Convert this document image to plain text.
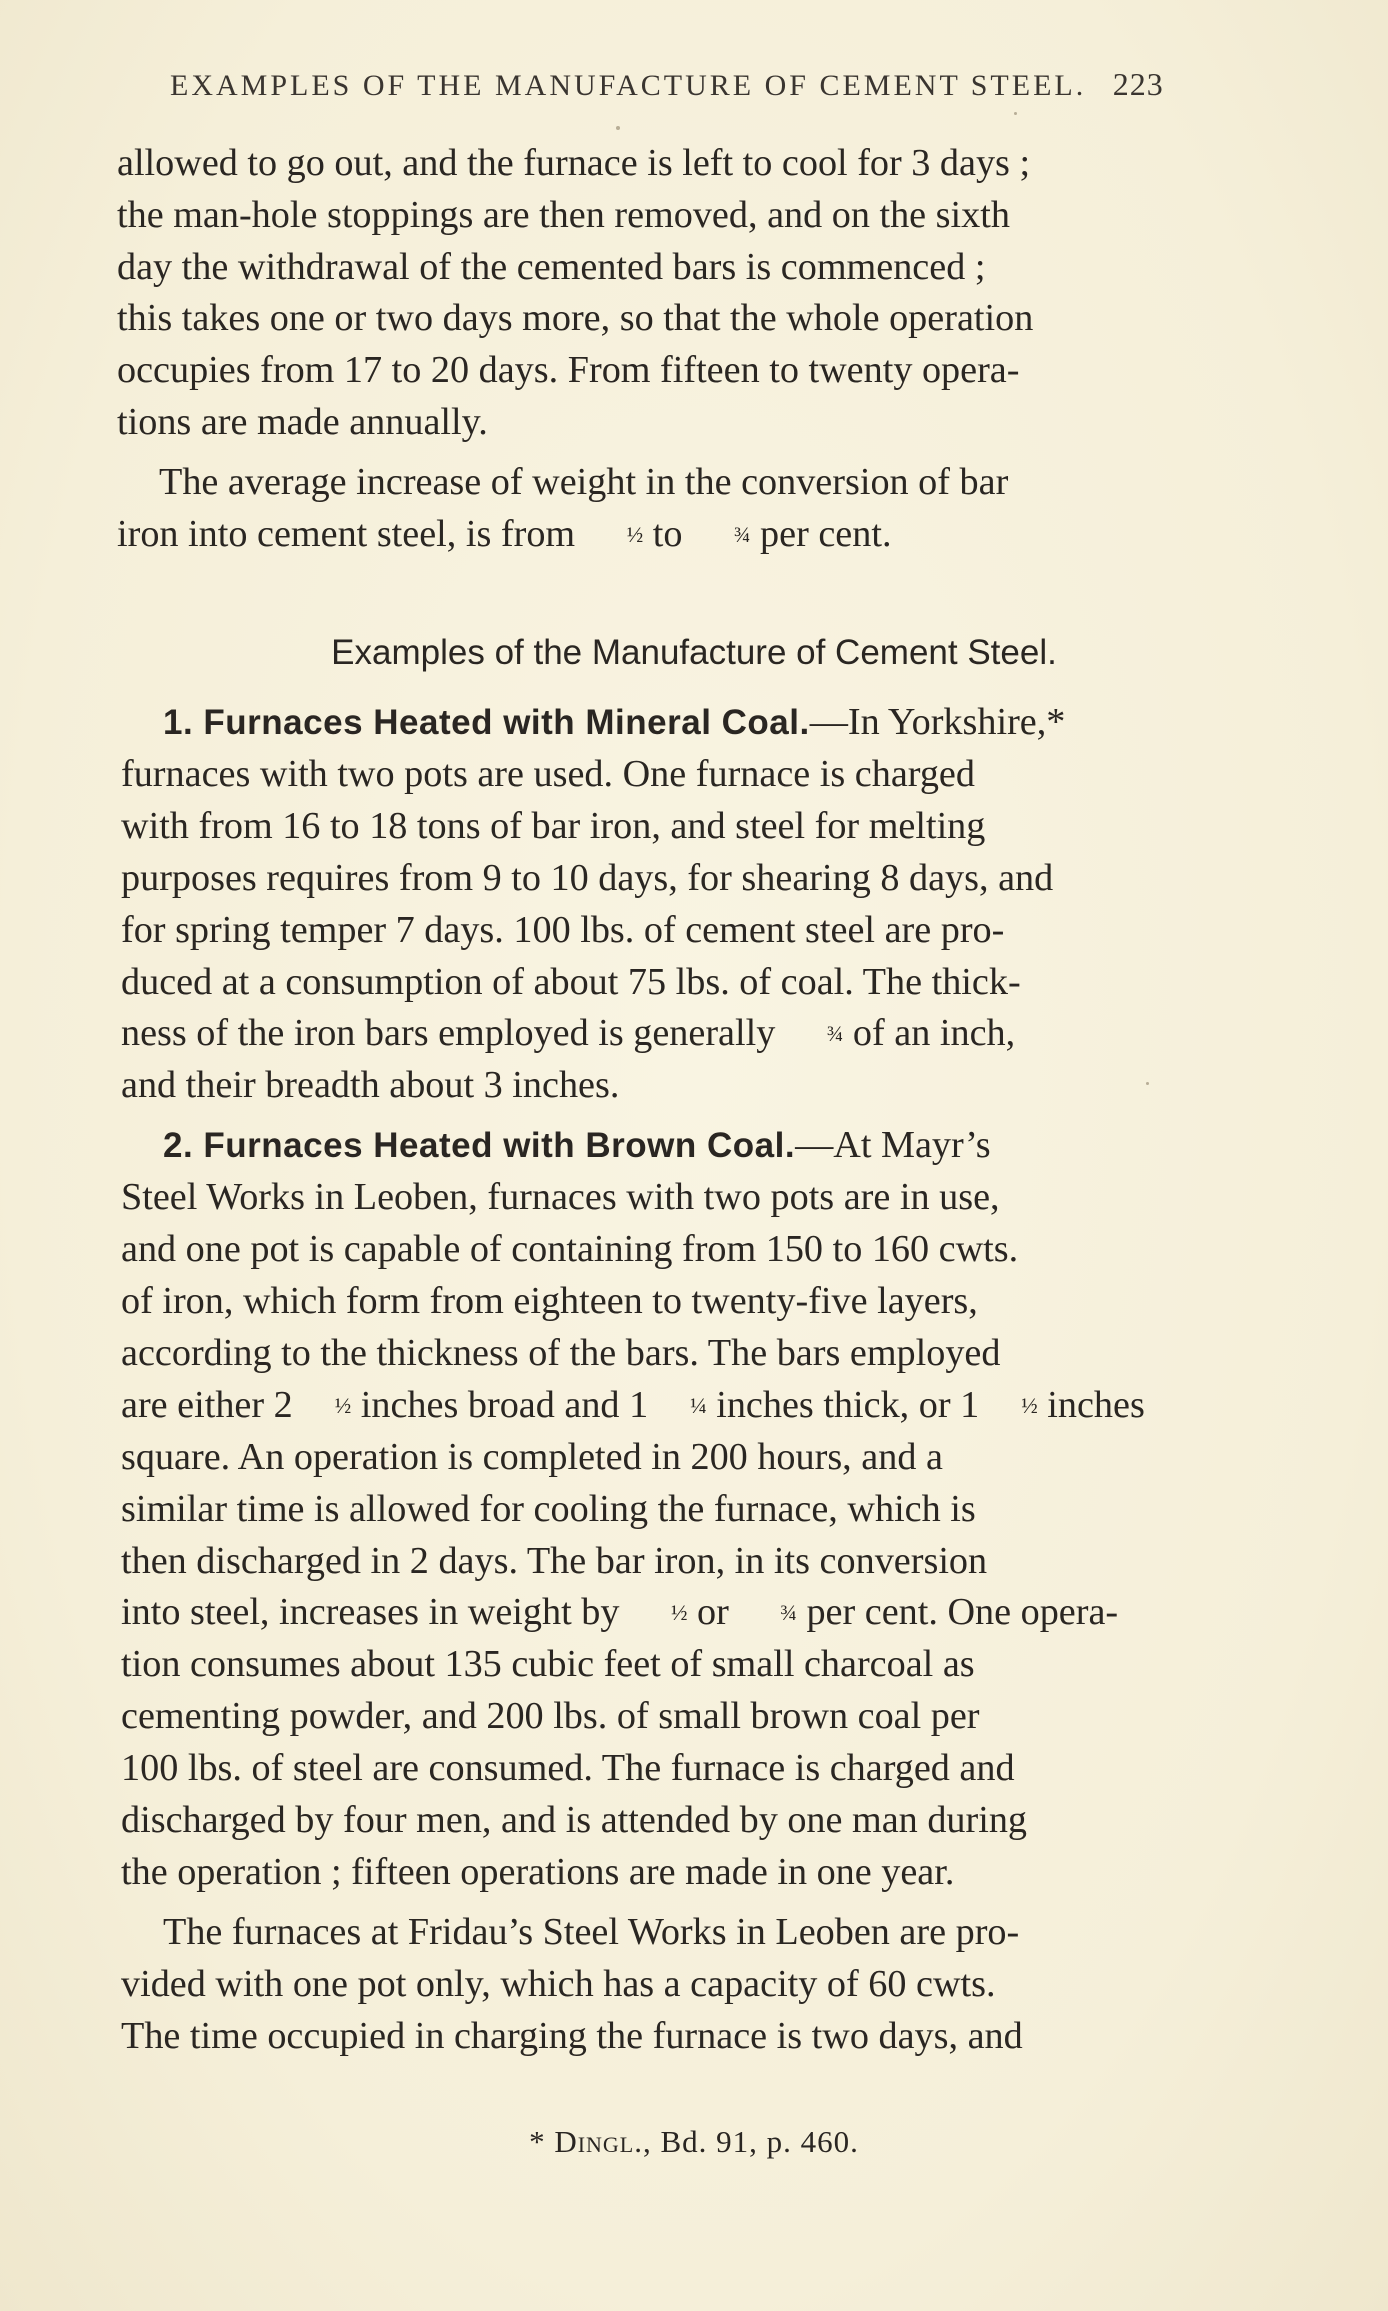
EXAMPLES OF THE MANUFACTURE OF CEMENT STEEL. 223

allowed to go out, and the furnace is left to cool for 3 days ;
the man-hole stoppings are then removed, and on the sixth
day the withdrawal of the cemented bars is commenced ;
this takes one or two days more, so that the whole operation
occupies from 17 to 20 days. From fifteen to twenty opera-
tions are made annually.

The average increase of weight in the conversion of bar
iron into cement steel, is from ½ to ¾ per cent.

Examples of the Manufacture of Cement Steel.

1. Furnaces Heated with Mineral Coal.—In Yorkshire,*
furnaces with two pots are used. One furnace is charged
with from 16 to 18 tons of bar iron, and steel for melting
purposes requires from 9 to 10 days, for shearing 8 days, and
for spring temper 7 days. 100 lbs. of cement steel are pro-
duced at a consumption of about 75 lbs. of coal. The thick-
ness of the iron bars employed is generally ¾ of an inch,
and their breadth about 3 inches.

2. Furnaces Heated with Brown Coal.—At Mayr’s
Steel Works in Leoben, furnaces with two pots are in use,
and one pot is capable of containing from 150 to 160 cwts.
of iron, which form from eighteen to twenty-five layers,
according to the thickness of the bars. The bars employed
are either 2 ½ inches broad and 1 ¼ inches thick, or 1 ½ inches
square. An operation is completed in 200 hours, and a
similar time is allowed for cooling the furnace, which is
then discharged in 2 days. The bar iron, in its conversion
into steel, increases in weight by ½ or ¾ per cent. One opera-
tion consumes about 135 cubic feet of small charcoal as
cementing powder, and 200 lbs. of small brown coal per
100 lbs. of steel are consumed. The furnace is charged and
discharged by four men, and is attended by one man during
the operation ; fifteen operations are made in one year.

The furnaces at Fridau’s Steel Works in Leoben are pro-
vided with one pot only, which has a capacity of 60 cwts.
The time occupied in charging the furnace is two days, and

* Dingl., Bd. 91, p. 460.
